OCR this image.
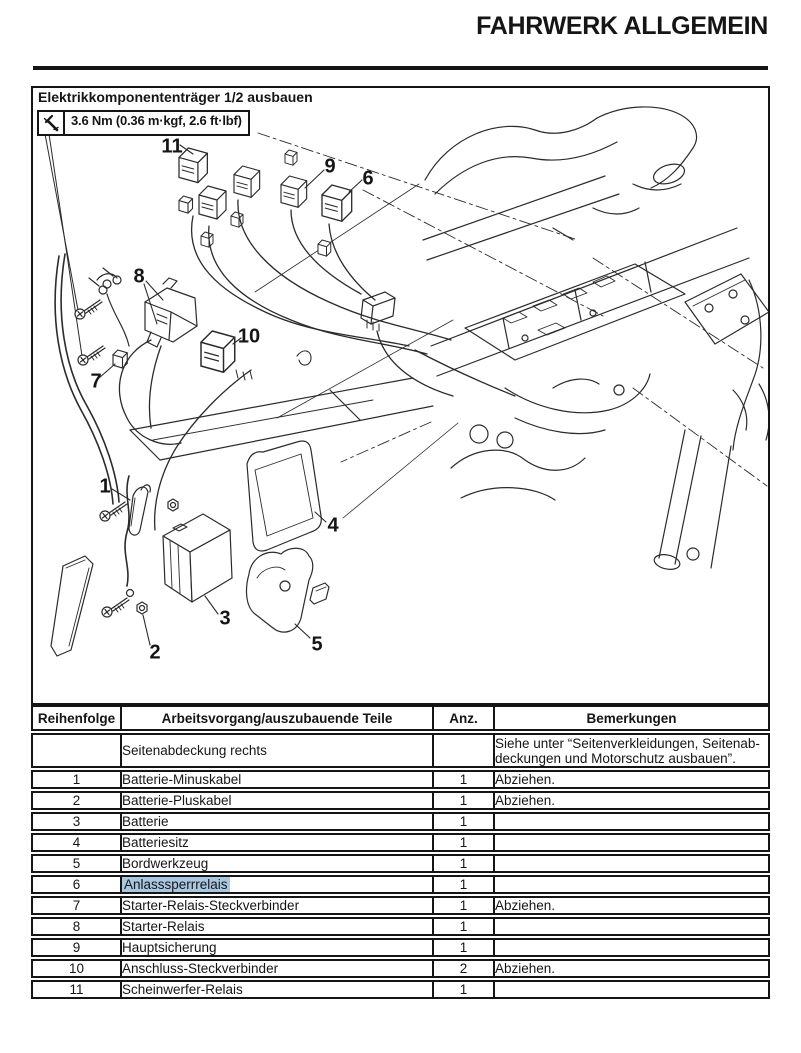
FAHRWERK ALLGEMEIN
Elektrikkomponententräger 1/2 ausbauen
3.6 Nm (0.36 m·kgf, 2.6 ft·lbf)
1
2
3
4
5
6
7
8
9
10
11
Reihenfolge	Arbeitsvorgang/auszubauende Teile	Anz.	Bemerkungen
	Seitenabdeckung rechts		Siehe unter “Seitenverkleidungen, Seitenab-
deckungen und Motorschutz ausbauen”.

1	Batterie-Minuskabel	1	Abziehen.
2	Batterie-Pluskabel	1	Abziehen.
3	Batterie	1	
4	Batteriesitz	1	
5	Bordwerkzeug	1	
6	Anlasssperrrelais	1	
7	Starter-Relais-Steckverbinder	1	Abziehen.
8	Starter-Relais	1	
9	Hauptsicherung	1	
10	Anschluss-Steckverbinder	2	Abziehen.
11	Scheinwerfer-Relais	1	
